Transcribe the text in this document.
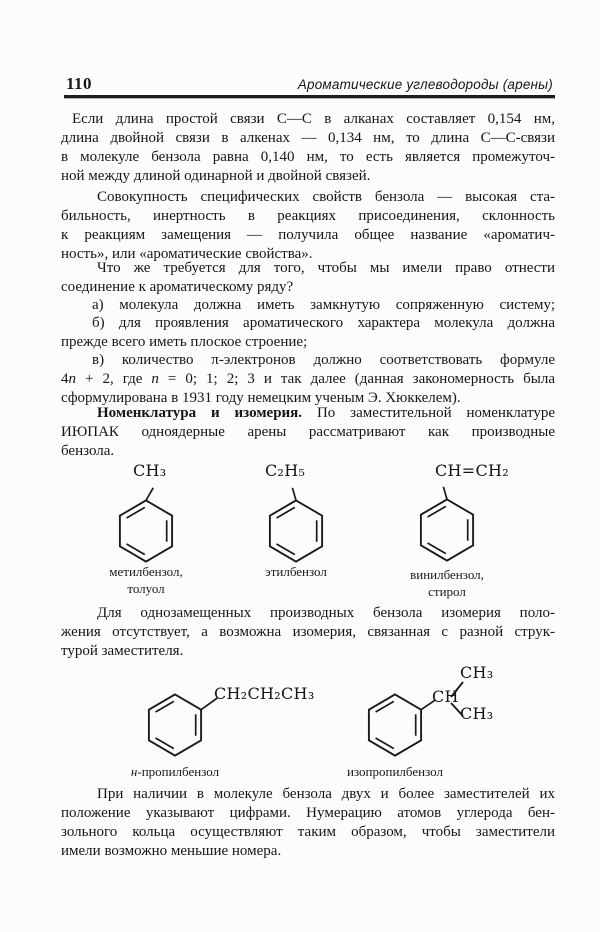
110	Ароматические углеводороды (арены)
Если длина простой связи С—С в алканах составляет 0,154 нм,
длина двойной связи в алкенах — 0,134 нм, то длина С—С-связи
в молекуле бензола равна 0,140 нм, то есть является промежуточ-
ной между длиной одинарной и двойной связей.
Совокупность специфических свойств бензола — высокая ста-
бильность, инертность в реакциях присоединения, склонность
к реакциям замещения — получила общее название «ароматич-
ность», или «ароматические свойства».
Что же требуется для того, чтобы мы имели право отнести
соединение к ароматическому ряду?
а) молекула должна иметь замкнутую сопряженную систему;
б) для проявления ароматического характера молекула должна
прежде всего иметь плоское строение;
в) количество π-электронов должно соответствовать формуле
4n + 2, где n = 0; 1; 2; 3 и так далее (данная закономерность была
сформулирована в 1931 году немецким ученым Э. Хюккелем).
Номенклатура и изомерия. По заместительной номенклатуре
ИЮПАК одноядерные арены рассматривают как производные
бензола.
CH₃
метилбензол,
толуол
C₂H₅
этилбензол
CH=CH₂
винилбензол,
стирол
Для однозамещенных производных бензола изомерия поло-
жения отсутствует, а возможна изомерия, связанная с разной струк-
турой заместителя.
CH₂CH₂CH₃
н-пропилбензол
CH
CH₃
CH₃
изопропилбензол
При наличии в молекуле бензола двух и более заместителей их
положение указывают цифрами. Нумерацию атомов углерода бен-
зольного кольца осуществляют таким образом, чтобы заместители
имели возможно меньшие номера.
